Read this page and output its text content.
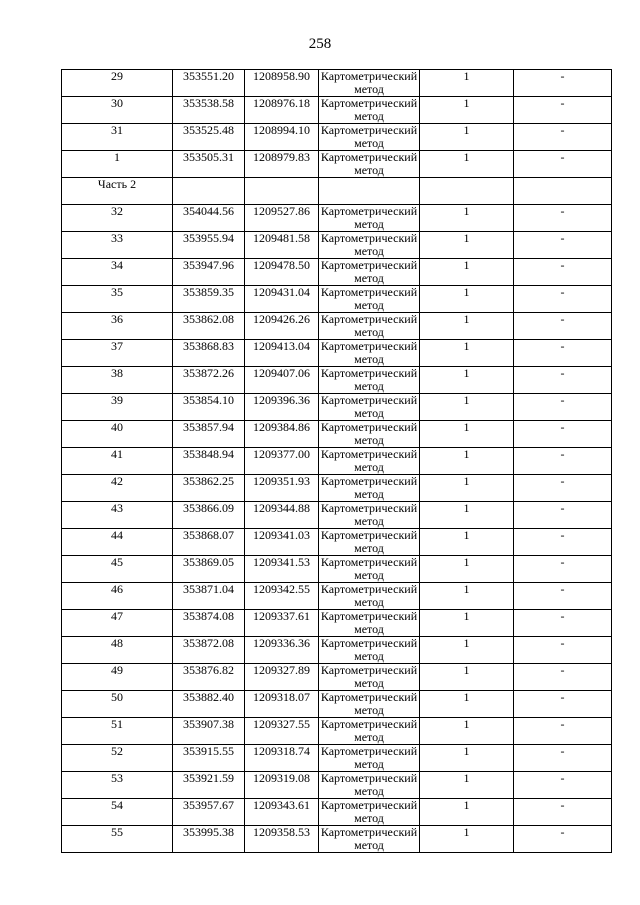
258
29	353551.20	1208958.90	Картометрический метод	1	-
30	353538.58	1208976.18	Картометрический метод	1	-
31	353525.48	1208994.10	Картометрический метод	1	-
1	353505.31	1208979.83	Картометрический метод	1	-
Часть 2					
32	354044.56	1209527.86	Картометрический метод	1	-
33	353955.94	1209481.58	Картометрический метод	1	-
34	353947.96	1209478.50	Картометрический метод	1	-
35	353859.35	1209431.04	Картометрический метод	1	-
36	353862.08	1209426.26	Картометрический метод	1	-
37	353868.83	1209413.04	Картометрический метод	1	-
38	353872.26	1209407.06	Картометрический метод	1	-
39	353854.10	1209396.36	Картометрический метод	1	-
40	353857.94	1209384.86	Картометрический метод	1	-
41	353848.94	1209377.00	Картометрический метод	1	-
42	353862.25	1209351.93	Картометрический метод	1	-
43	353866.09	1209344.88	Картометрический метод	1	-
44	353868.07	1209341.03	Картометрический метод	1	-
45	353869.05	1209341.53	Картометрический метод	1	-
46	353871.04	1209342.55	Картометрический метод	1	-
47	353874.08	1209337.61	Картометрический метод	1	-
48	353872.08	1209336.36	Картометрический метод	1	-
49	353876.82	1209327.89	Картометрический метод	1	-
50	353882.40	1209318.07	Картометрический метод	1	-
51	353907.38	1209327.55	Картометрический метод	1	-
52	353915.55	1209318.74	Картометрический метод	1	-
53	353921.59	1209319.08	Картометрический метод	1	-
54	353957.67	1209343.61	Картометрический метод	1	-
55	353995.38	1209358.53	Картометрический метод	1	-
